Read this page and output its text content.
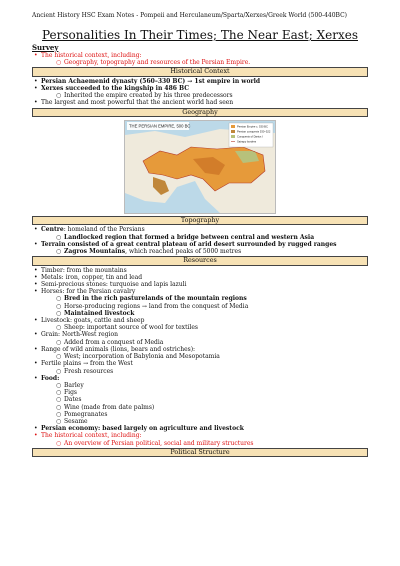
Ancient History HSC Exam Notes - Pompeii and Herculaneum/Sparta/Xerxes/Greek World (500-440BC)
Personalities In Their Times; The Near East; Xerxes
Survey
• The historical context, including:
○ Geography, topography and resources of the Persian Empire.
Historical Context
• Persian Achaemenid dynasty (560–330 BC) → 1st empire in world
• Xerxes succeeded to the kingship in 486 BC
○ Inherited the empire created by his three predecessors
• The largest and most powerful that the ancient world had seen
Geography
THE PERSIAN EMPIRE, 500 BC	Persian Empire c. 530 BC
Persian conquests 530–522
Conquests of Darius I
Satrapy borders
Topography
• Centre: homeland of the Persians
○ Landlocked region that formed a bridge between central and western Asia
• Terrain consisted of a great central plateau of arid desert surrounded by rugged ranges
○ Zagros Mountains, which reached peaks of 5000 metres
Resources
• Timber: from the mountains
• Metals: iron, copper, tin and lead
• Semi-precious stones: turquoise and lapis lazuli
• Horses: for the Persian cavalry
○ Bred in the rich pasturelands of the mountain regions
○ Horse-producing regions → land from the conquest of Media
○ Maintained livestock
• Livestock: goats, cattle and sheep
○ Sheep: important source of wool for textiles
• Grain: North-West region
○ Added from a conquest of Media
• Range of wild animals (lions, bears and ostriches):
○ West; incorporation of Babylonia and Mesopotamia
• Fertile plains → from the West
○ Fresh resources
• Food:
○ Barley
○ Figs
○ Dates
○ Wine (made from date palms)
○ Pomegranates
○ Sesame
• Persian economy: based largely on agriculture and livestock
• The historical context, including:
○ An overview of Persian political, social and military structures
Political Structure
